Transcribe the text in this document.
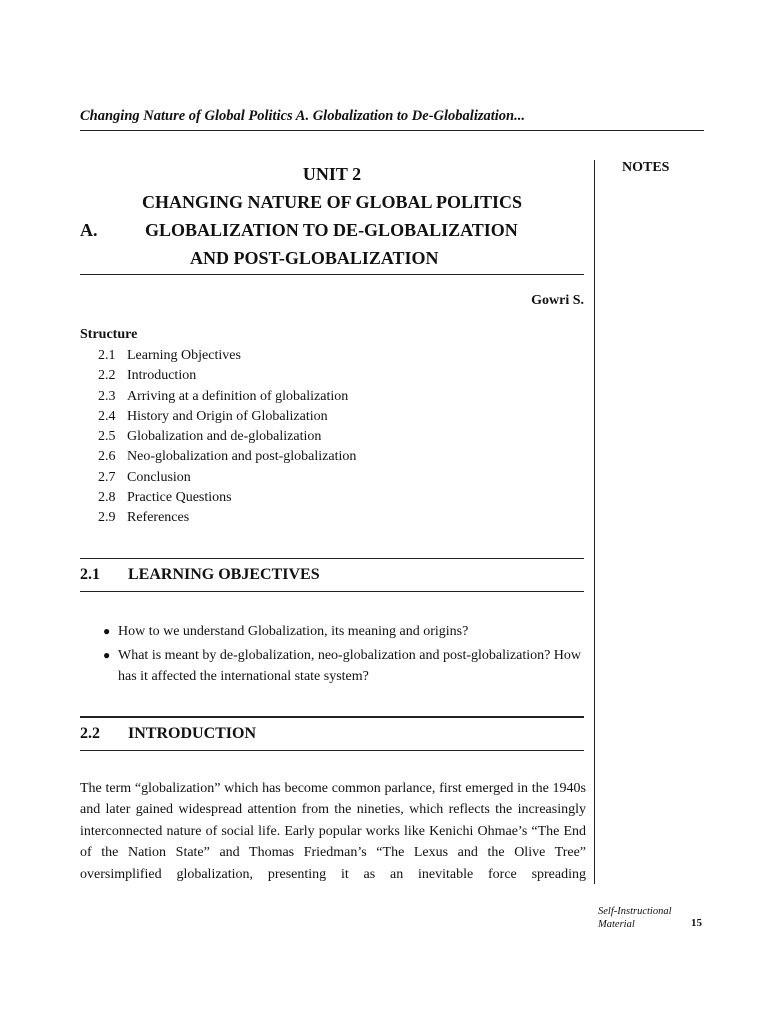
Changing Nature of Global Politics A. Globalization to De-Globalization...
NOTES
UNIT 2
CHANGING NATURE OF GLOBAL POLITICS
A.	GLOBALIZATION TO DE-GLOBALIZATION
AND POST-GLOBALIZATION
Gowri S.
Structure
2.1 Learning Objectives
2.2 Introduction
2.3 Arriving at a definition of globalization
2.4 History and Origin of Globalization
2.5 Globalization and de-globalization
2.6 Neo-globalization and post-globalization
2.7 Conclusion
2.8 Practice Questions
2.9 References
2.1 LEARNING OBJECTIVES
● How to we understand Globalization, its meaning and origins?
● What is meant by de-globalization, neo-globalization and post-globalization? How has it affected the international state system?
2.2 INTRODUCTION

The term “globalization” which has become common parlance, first emerged in the 1940s and later gained widespread attention from the nineties, which reflects the increasingly interconnected nature of social life. Early popular works like Kenichi Ohmae’s “The End of the Nation State” and Thomas Friedman’s “The Lexus and the Olive Tree” oversimplified globalization, presenting it as an inevitable force spreading

Self-Instructional
Material	15
